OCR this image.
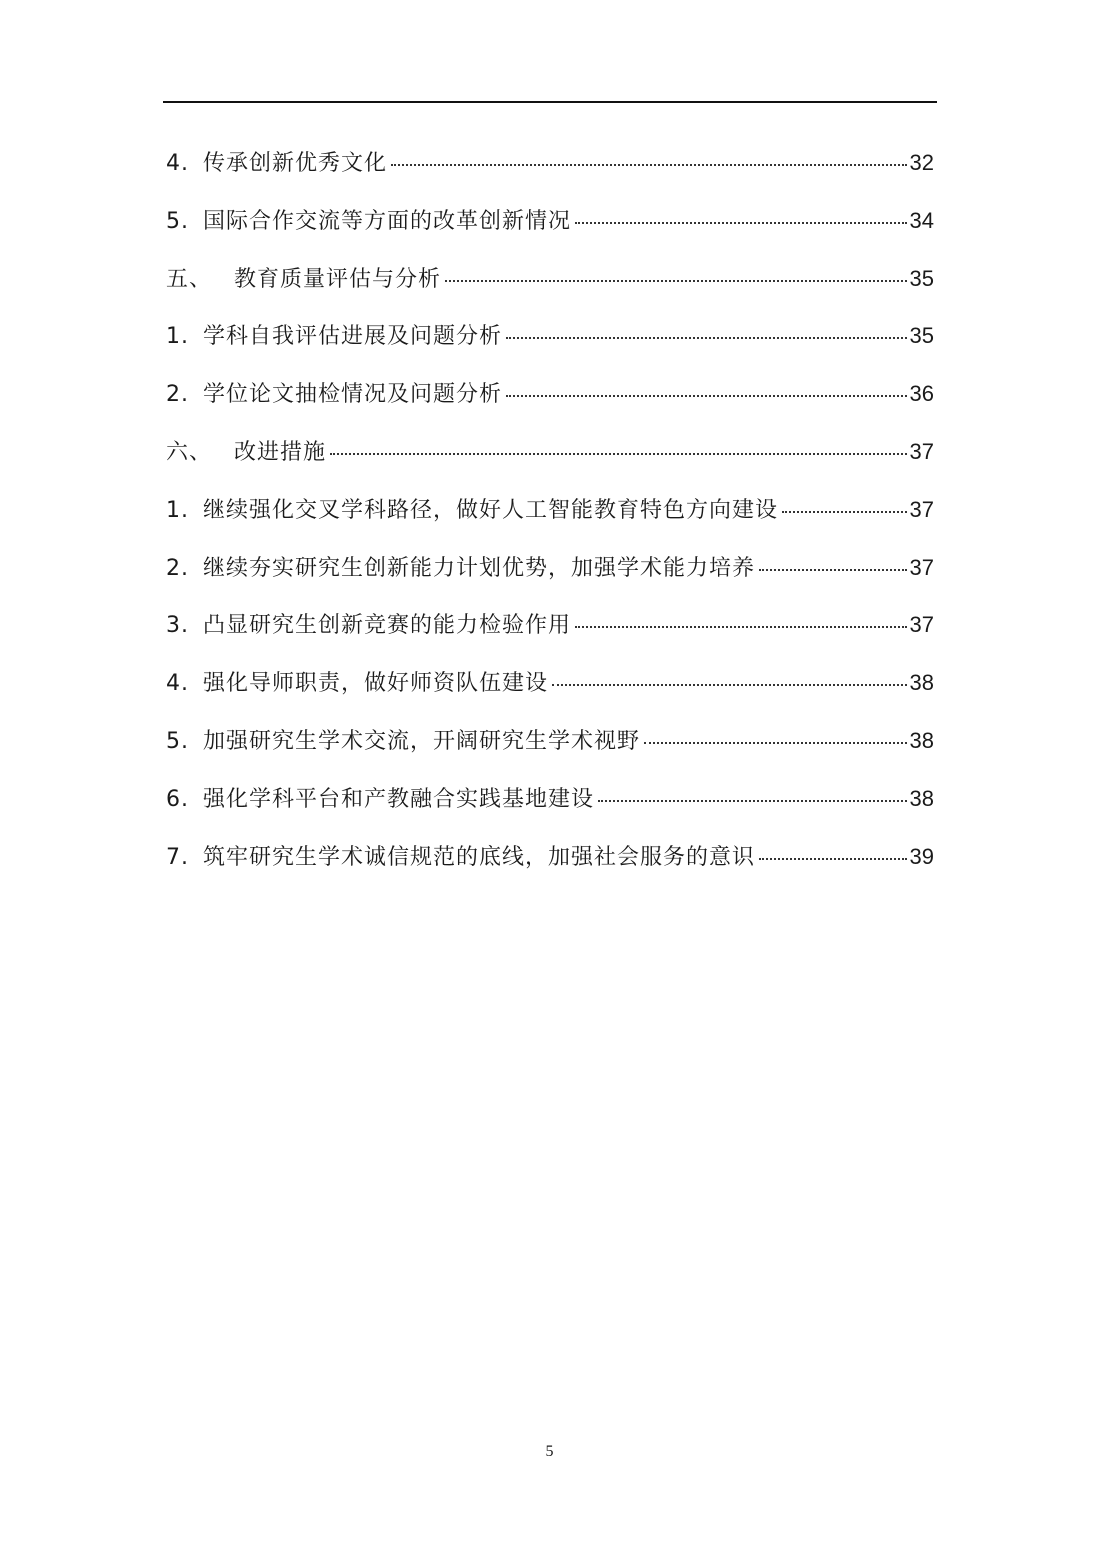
4. 传承创新优秀文化	32
5. 国际合作交流等方面的改革创新情况	34
五、 教育质量评估与分析	35
1. 学科自我评估进展及问题分析	35
2. 学位论文抽检情况及问题分析	36
六、 改进措施	37
1. 继续强化交叉学科路径，做好人工智能教育特色方向建设	37
2. 继续夯实研究生创新能力计划优势，加强学术能力培养	37
3. 凸显研究生创新竞赛的能力检验作用	37
4. 强化导师职责，做好师资队伍建设	38
5. 加强研究生学术交流，开阔研究生学术视野	38
6. 强化学科平台和产教融合实践基地建设	38
7. 筑牢研究生学术诚信规范的底线，加强社会服务的意识	39
5
